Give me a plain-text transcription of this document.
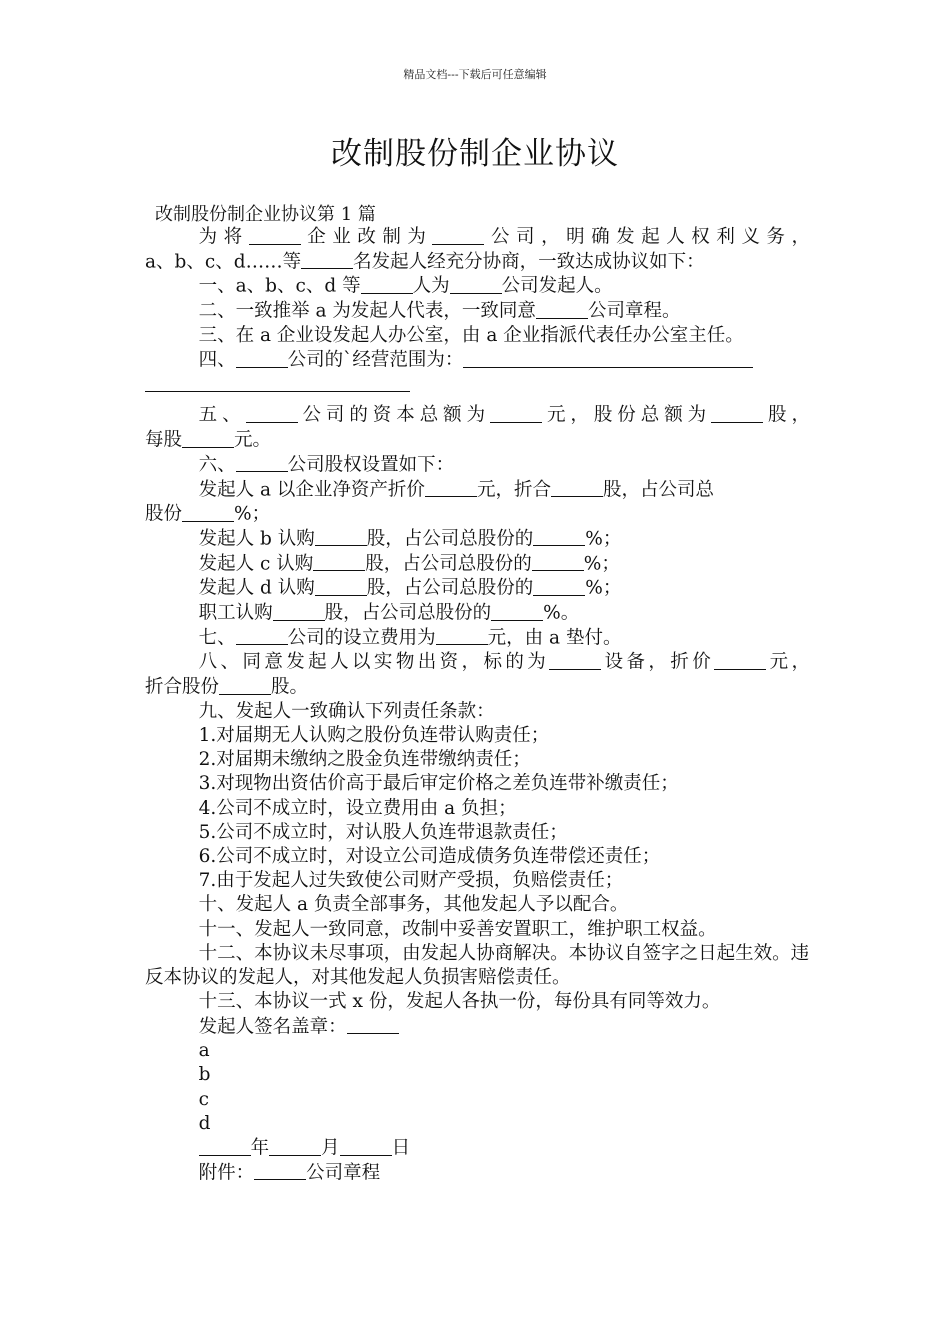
精品文档---下载后可任意编辑
改制股份制企业协议
改制股份制企业协议第 1 篇

为将	企业改制为	公司，明确发起人权利义务，
a、b、c、d……等	名发起人经充分协商，一致达成协议如下：

一、a、b、c、d 等	人为	公司发起人。

二、一致推举 a 为发起人代表，一致同意	公司章程。

三、在 a 企业设发起人办公室，由 a 企业指派代表任办公室主任。

四、	公司的`经营范围为：

五、	公司的资本总额为	元，股份总额为	股，
每股	元。

六、	公司股权设置如下：

发起人 a 以企业净资产折价	元，折合	股，占公司总
股份	%；

发起人 b 认购	股，占公司总股份的	%；

发起人 c 认购	股，占公司总股份的	%；

发起人 d 认购	股，占公司总股份的	%；

职工认购	股，占公司总股份的	%。

七、	公司的设立费用为	元，由 a 垫付。

八、同意发起人以实物出资，标的为	设备，折价	元，
折合股份	股。

九、发起人一致确认下列责任条款：

1.对届期无人认购之股份负连带认购责任；

2.对届期未缴纳之股金负连带缴纳责任；

3.对现物出资估价高于最后审定价格之差负连带补缴责任；

4.公司不成立时，设立费用由 a 负担；

5.公司不成立时，对认股人负连带退款责任；

6.公司不成立时，对设立公司造成债务负连带偿还责任；

7.由于发起人过失致使公司财产受损，负赔偿责任；

十、发起人 a 负责全部事务，其他发起人予以配合。

十一、发起人一致同意，改制中妥善安置职工，维护职工权益。

十二、本协议未尽事项，由发起人协商解决。本协议自签字之日起生效。违反本协议的发起人，对其他发起人负损害赔偿责任。

十三、本协议一式 x 份，发起人各执一份，每份具有同等效力。

发起人签名盖章：

a

b

c

d

年	月	日

附件：	公司章程
